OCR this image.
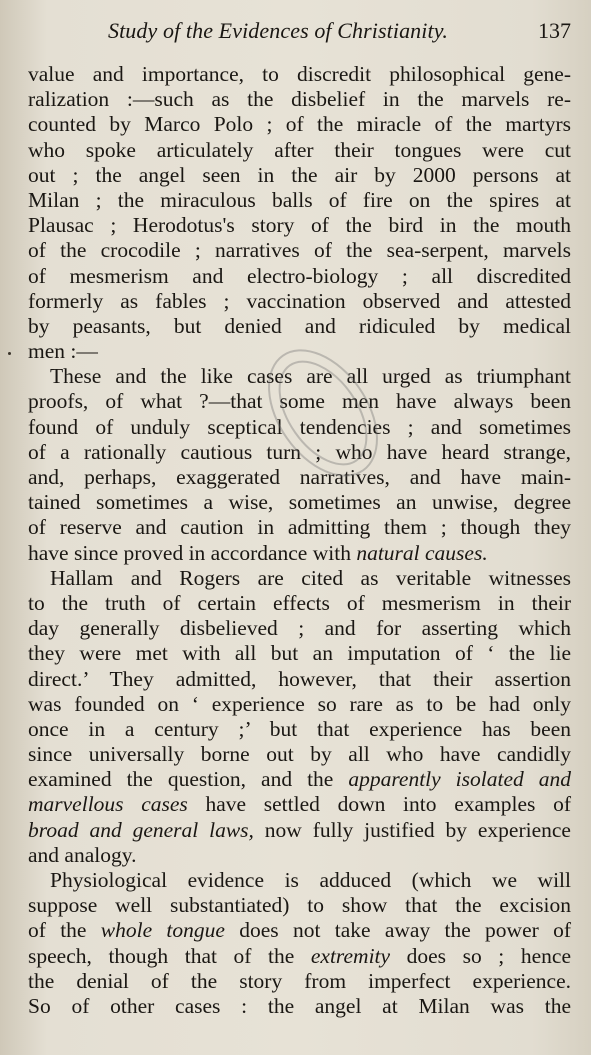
Study of the Evidences of Christianity.	137
value and importance, to discredit philosophical gene-
ralization :—such as the disbelief in the marvels re-
counted by Marco Polo ; of the miracle of the martyrs
who spoke articulately after their tongues were cut
out ; the angel seen in the air by 2000 persons at
Milan ; the miraculous balls of fire on the spires at
Plausac ; Herodotus's story of the bird in the mouth
of the crocodile ; narratives of the sea-serpent, marvels
of mesmerism and electro-biology ; all discredited
formerly as fables ; vaccination observed and attested
by peasants, but denied and ridiculed by medical
men :—
These and the like cases are all urged as triumphant
proofs, of what ?—that some men have always been
found of unduly sceptical tendencies ; and sometimes
of a rationally cautious turn ; who have heard strange,
and, perhaps, exaggerated narratives, and have main-
tained sometimes a wise, sometimes an unwise, degree
of reserve and caution in admitting them ; though they
have since proved in accordance with natural causes.
Hallam and Rogers are cited as veritable witnesses
to the truth of certain effects of mesmerism in their
day generally disbelieved ; and for asserting which
they were met with all but an imputation of ‘ the lie
direct.’ They admitted, however, that their assertion
was founded on ‘ experience so rare as to be had only
once in a century ;’ but that experience has been
since universally borne out by all who have candidly
examined the question, and the apparently isolated and
marvellous cases have settled down into examples of
broad and general laws, now fully justified by experience
and analogy.
Physiological evidence is adduced (which we will
suppose well substantiated) to show that the excision
of the whole tongue does not take away the power of
speech, though that of the extremity does so ; hence
the denial of the story from imperfect experience.
So of other cases : the angel at Milan was the
